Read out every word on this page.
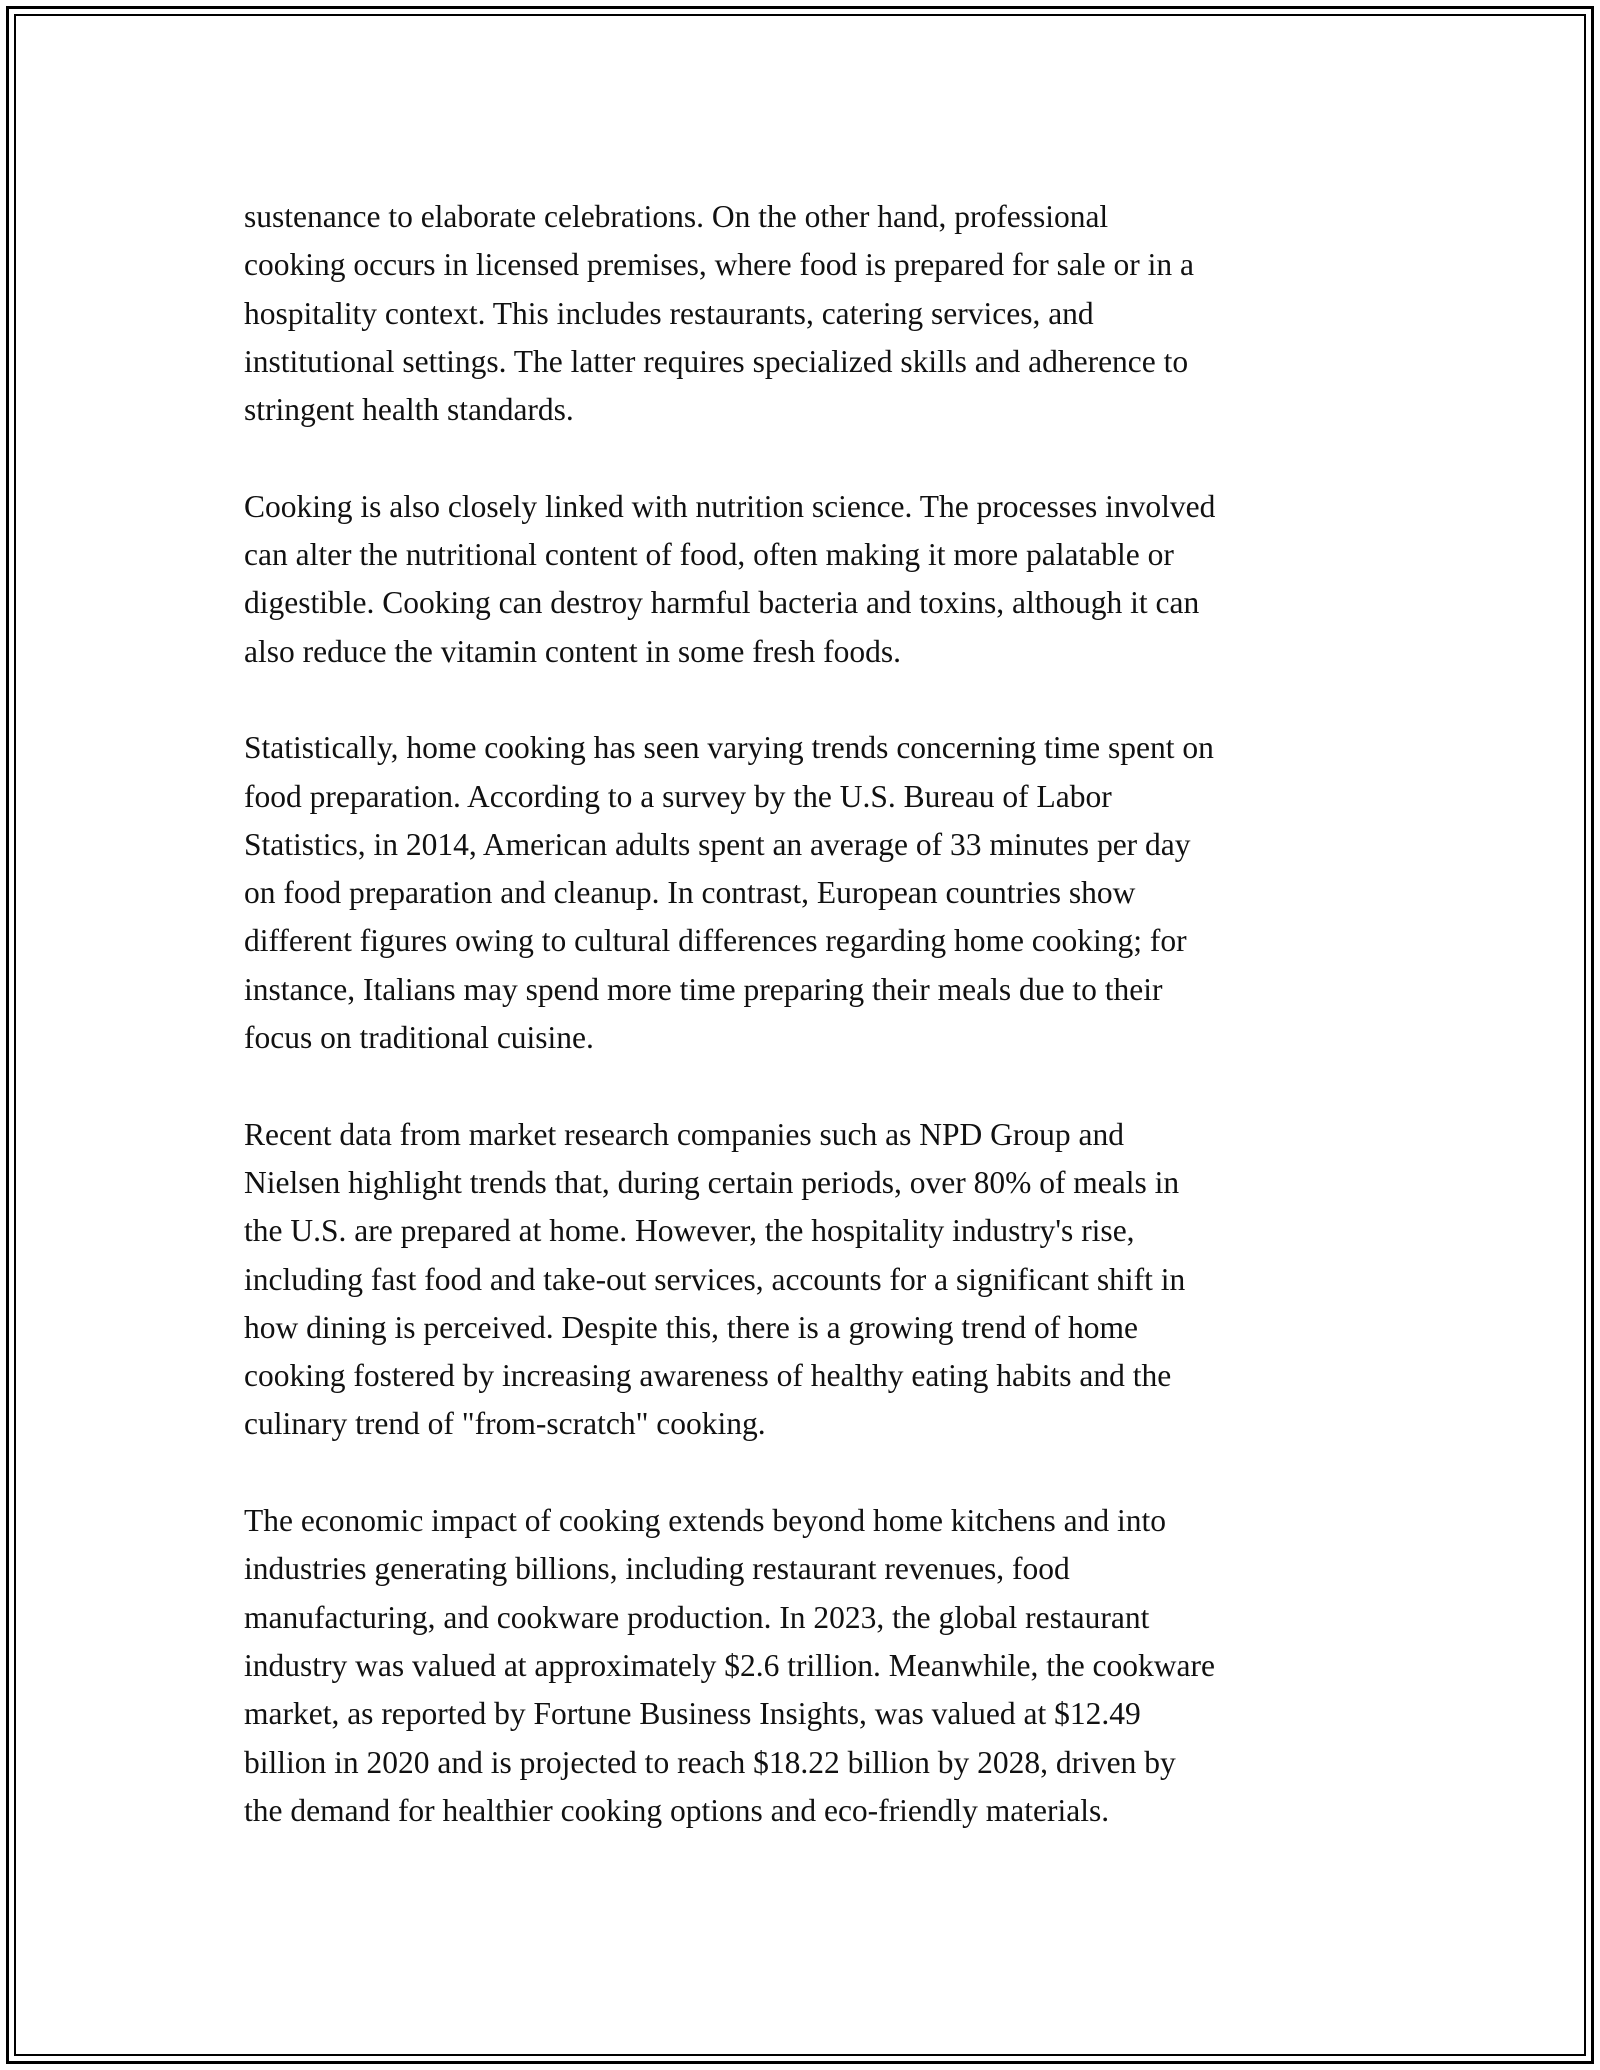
sustenance to elaborate celebrations. On the other hand, professional
cooking occurs in licensed premises, where food is prepared for sale or in a
hospitality context. This includes restaurants, catering services, and
institutional settings. The latter requires specialized skills and adherence to
stringent health standards.

Cooking is also closely linked with nutrition science. The processes involved
can alter the nutritional content of food, often making it more palatable or
digestible. Cooking can destroy harmful bacteria and toxins, although it can
also reduce the vitamin content in some fresh foods.

Statistically, home cooking has seen varying trends concerning time spent on
food preparation. According to a survey by the U.S. Bureau of Labor
Statistics, in 2014, American adults spent an average of 33 minutes per day
on food preparation and cleanup. In contrast, European countries show
different figures owing to cultural differences regarding home cooking; for
instance, Italians may spend more time preparing their meals due to their
focus on traditional cuisine.

Recent data from market research companies such as NPD Group and
Nielsen highlight trends that, during certain periods, over 80% of meals in
the U.S. are prepared at home. However, the hospitality industry's rise,
including fast food and take-out services, accounts for a significant shift in
how dining is perceived. Despite this, there is a growing trend of home
cooking fostered by increasing awareness of healthy eating habits and the
culinary trend of "from-scratch" cooking.

The economic impact of cooking extends beyond home kitchens and into
industries generating billions, including restaurant revenues, food
manufacturing, and cookware production. In 2023, the global restaurant
industry was valued at approximately $2.6 trillion. Meanwhile, the cookware
market, as reported by Fortune Business Insights, was valued at $12.49
billion in 2020 and is projected to reach $18.22 billion by 2028, driven by
the demand for healthier cooking options and eco-friendly materials.
